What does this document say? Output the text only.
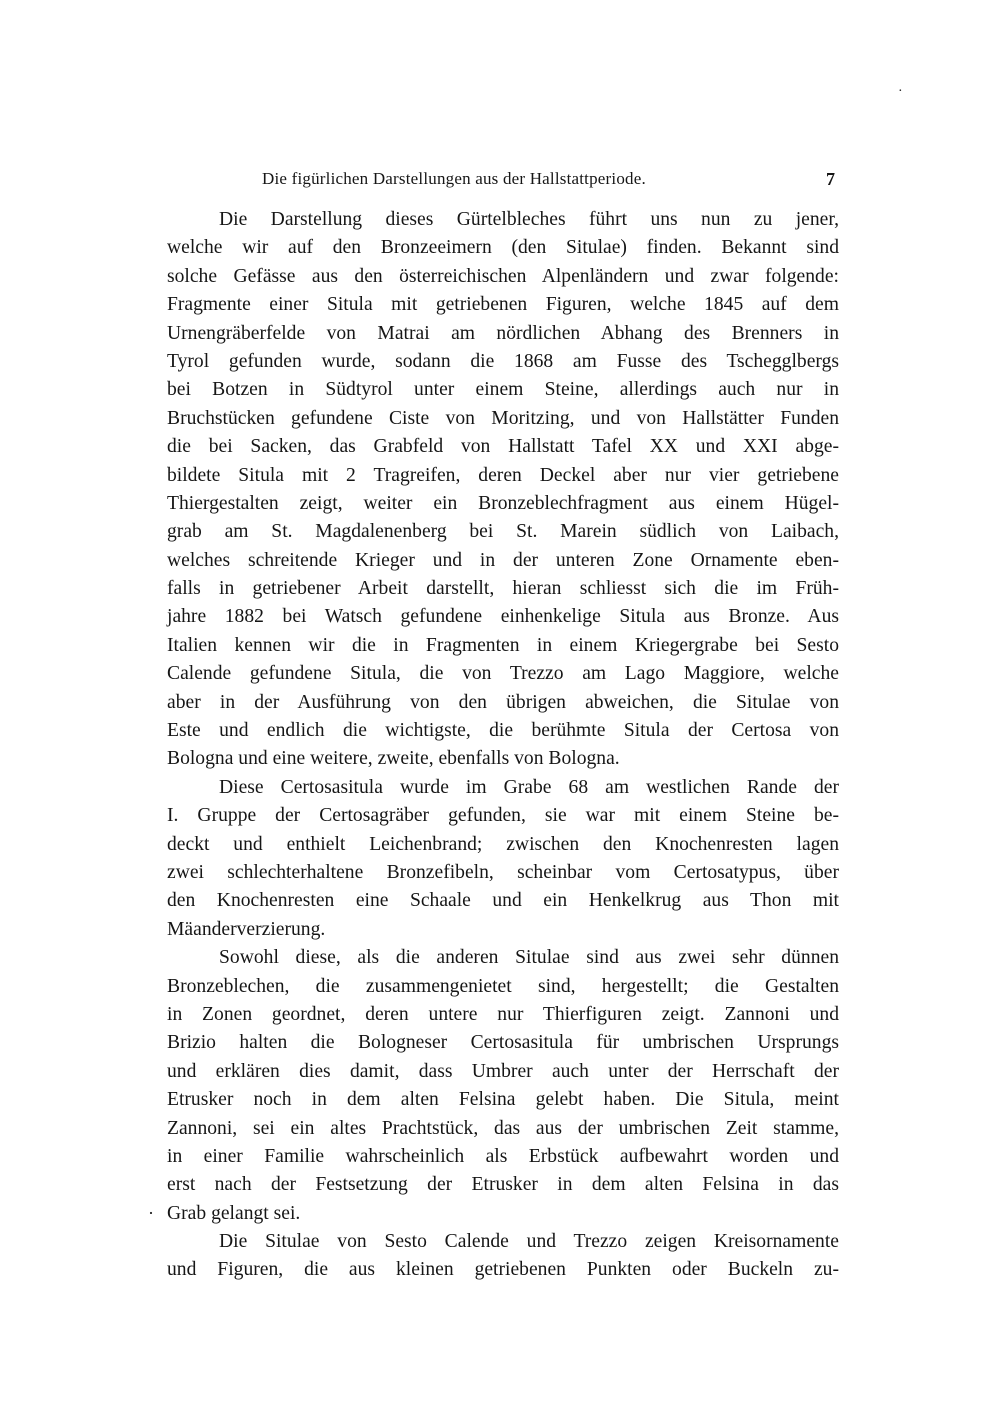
·
Die figürlichen Darstellungen aus der Hallstattperiode.	7
Die Darstellung dieses Gürtelbleches führt uns nun zu jener,
welche wir auf den Bronzeeimern (den Situlae) finden. Bekannt sind
solche Gefässe aus den österreichischen Alpenländern und zwar folgende:
Fragmente einer Situla mit getriebenen Figuren, welche 1845 auf dem
Urnengräberfelde von Matrai am nördlichen Abhang des Brenners in
Tyrol gefunden wurde, sodann die 1868 am Fusse des Tschegglbergs
bei Botzen in Südtyrol unter einem Steine, allerdings auch nur in
Bruchstücken gefundene Ciste von Moritzing, und von Hallstätter Funden
die bei Sacken, das Grabfeld von Hallstatt Tafel XX und XXI abge-
bildete Situla mit 2 Tragreifen, deren Deckel aber nur vier getriebene
Thiergestalten zeigt, weiter ein Bronzeblechfragment aus einem Hügel-
grab am St. Magdalenenberg bei St. Marein südlich von Laibach,
welches schreitende Krieger und in der unteren Zone Ornamente eben-
falls in getriebener Arbeit darstellt, hieran schliesst sich die im Früh-
jahre 1882 bei Watsch gefundene einhenkelige Situla aus Bronze. Aus
Italien kennen wir die in Fragmenten in einem Kriegergrabe bei Sesto
Calende gefundene Situla, die von Trezzo am Lago Maggiore, welche
aber in der Ausführung von den übrigen abweichen, die Situlae von
Este und endlich die wichtigste, die berühmte Situla der Certosa von
Bologna und eine weitere, zweite, ebenfalls von Bologna.
Diese Certosasitula wurde im Grabe 68 am westlichen Rande der
I. Gruppe der Certosagräber gefunden, sie war mit einem Steine be-
deckt und enthielt Leichenbrand; zwischen den Knochenresten lagen
zwei schlechterhaltene Bronzefibeln, scheinbar vom Certosatypus, über
den Knochenresten eine Schaale und ein Henkelkrug aus Thon mit
Mäanderverzierung.
Sowohl diese, als die anderen Situlae sind aus zwei sehr dünnen
Bronzeblechen, die zusammengenietet sind, hergestellt; die Gestalten
in Zonen geordnet, deren untere nur Thierfiguren zeigt. Zannoni und
Brizio halten die Bologneser Certosasitula für umbrischen Ursprungs
und erklären dies damit, dass Umbrer auch unter der Herrschaft der
Etrusker noch in dem alten Felsina gelebt haben. Die Situla, meint
Zannoni, sei ein altes Prachtstück, das aus der umbrischen Zeit stamme,
in einer Familie wahrscheinlich als Erbstück aufbewahrt worden und
erst nach der Festsetzung der Etrusker in dem alten Felsina in das
Grab gelangt sei.
Die Situlae von Sesto Calende und Trezzo zeigen Kreisornamente
und Figuren, die aus kleinen getriebenen Punkten oder Buckeln zu-
·
